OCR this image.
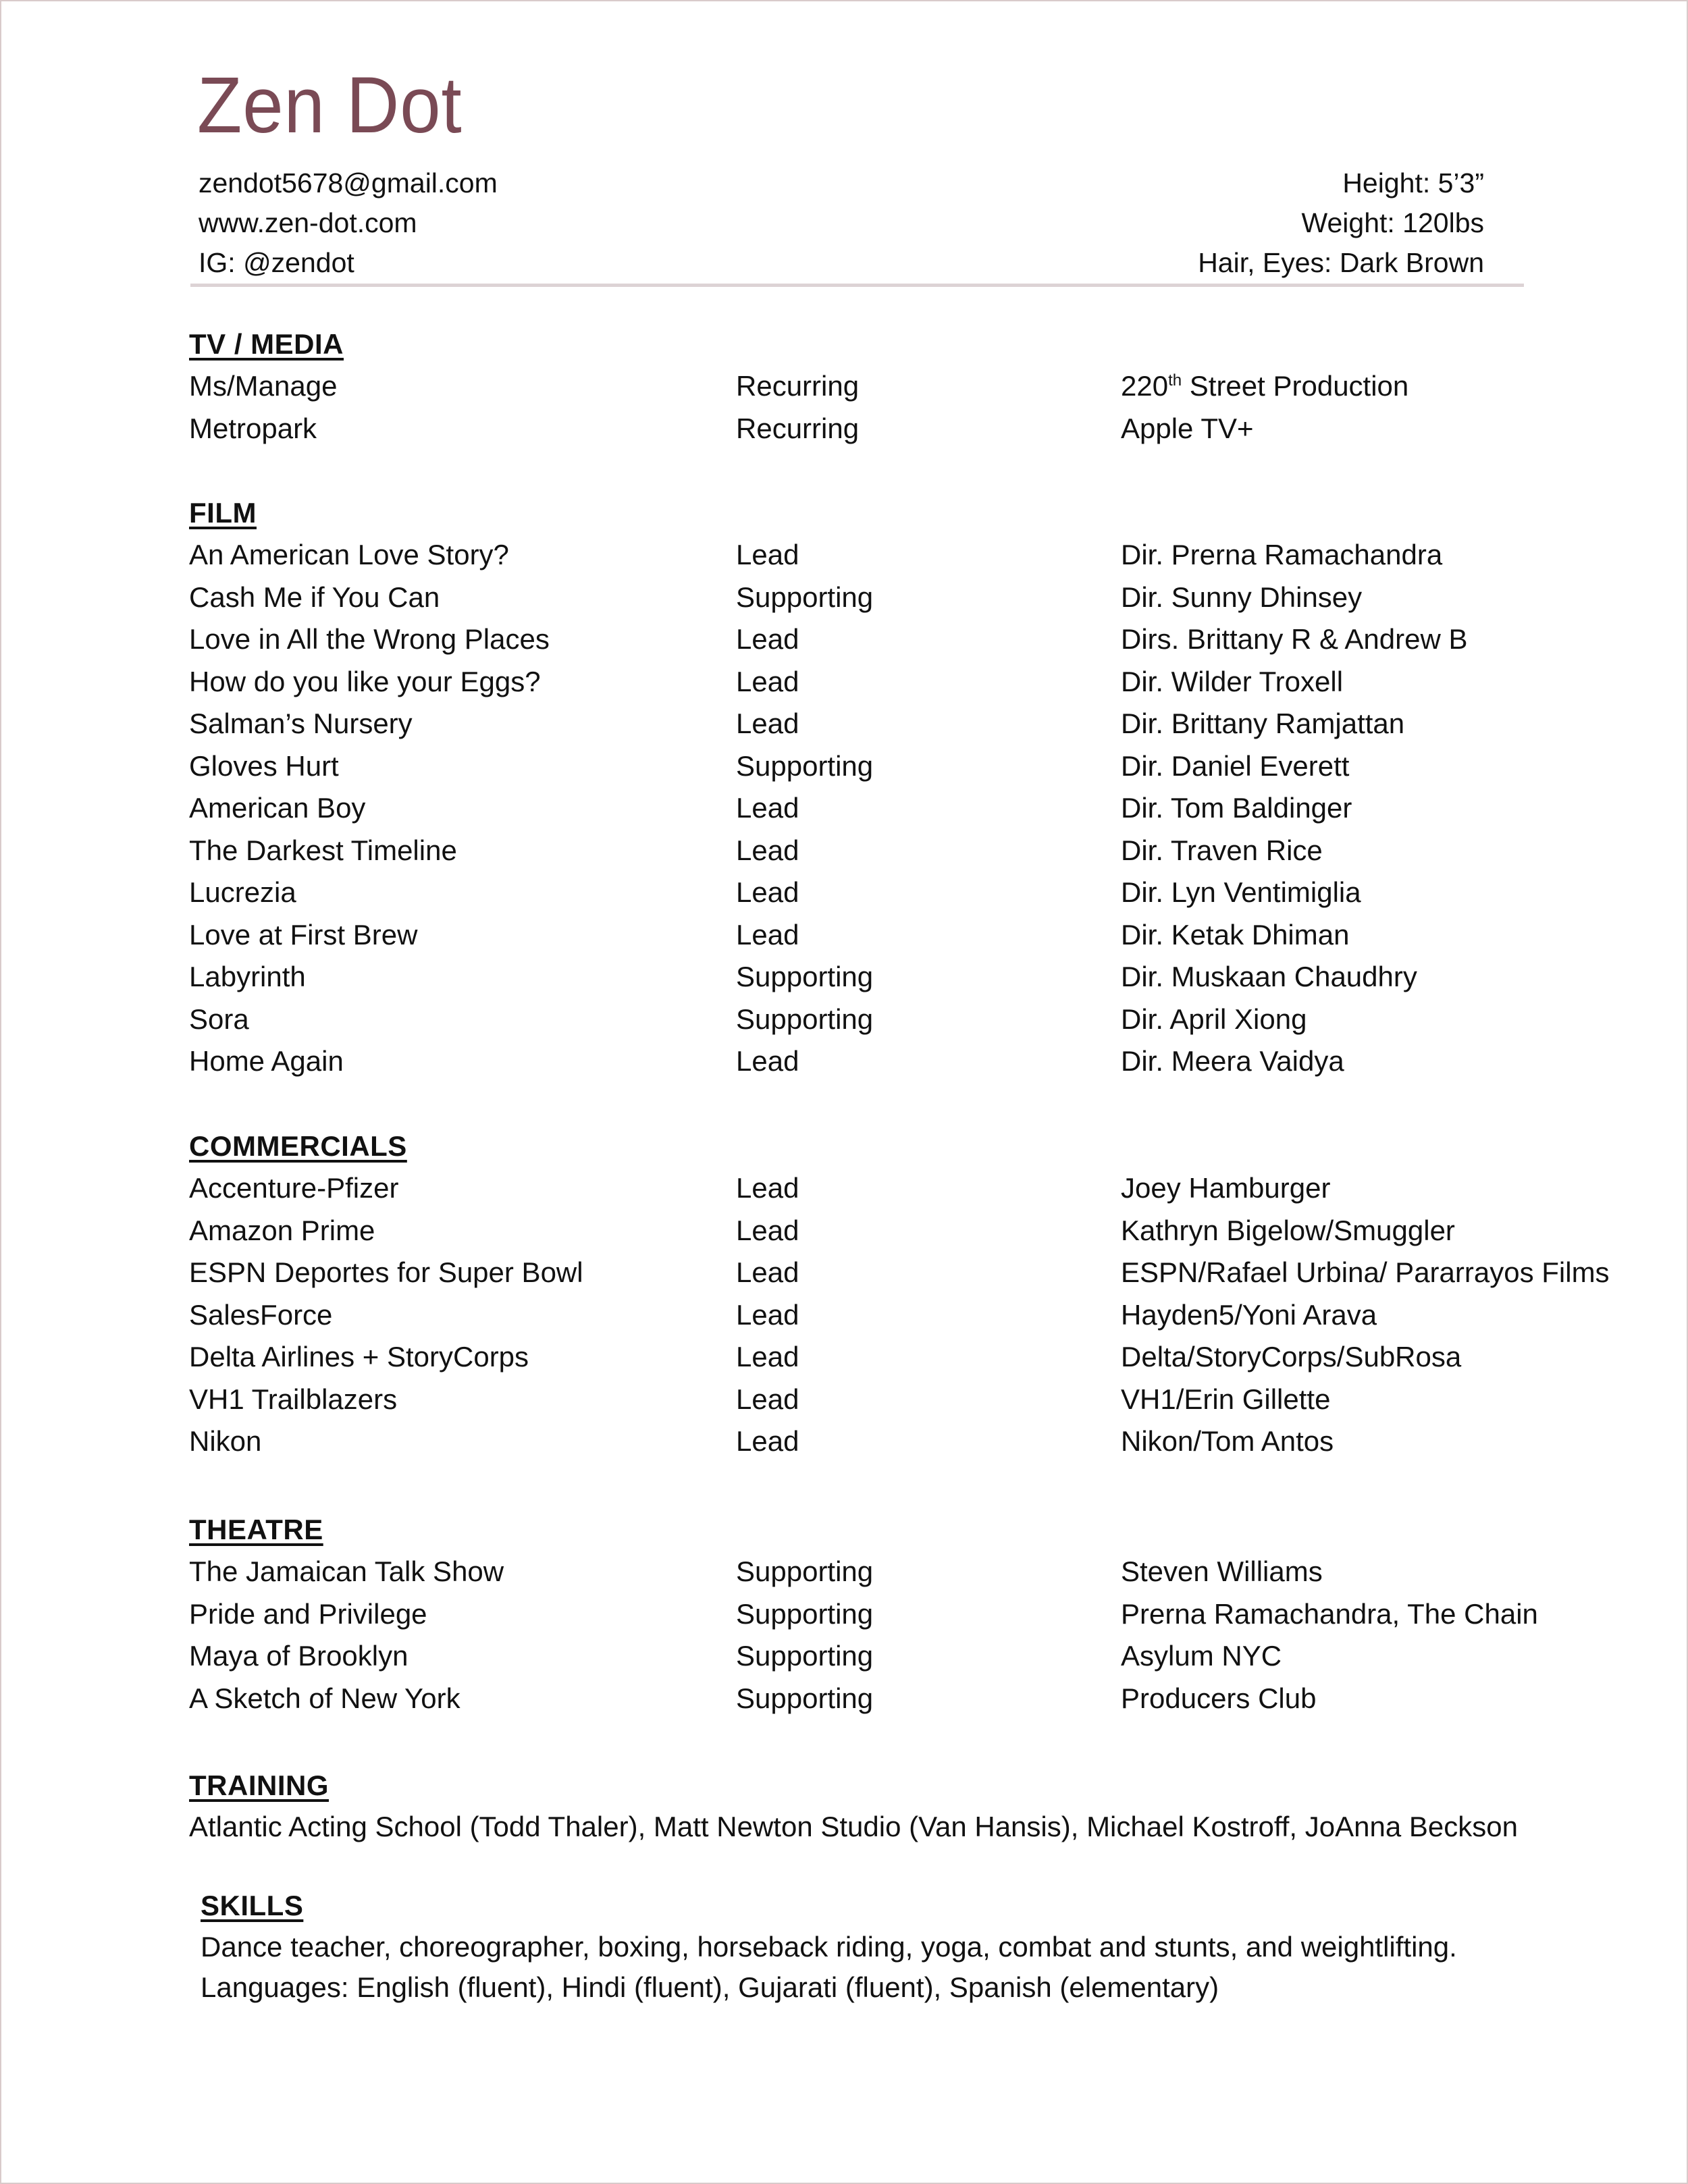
Zen Dot
zendot5678@gmail.com
www.zen-dot.com
IG: @zendot
Height: 5’3”
Weight: 120lbs
Hair, Eyes: Dark Brown
TV / MEDIA
Ms/Manage	Recurring	220th Street Production
Metropark	Recurring	Apple TV+
FILM
An American Love Story?	Lead	Dir. Prerna Ramachandra
Cash Me if You Can	Supporting	Dir. Sunny Dhinsey
Love in All the Wrong Places	Lead	Dirs. Brittany R & Andrew B
How do you like your Eggs?	Lead	Dir. Wilder Troxell
Salman’s Nursery	Lead	Dir. Brittany Ramjattan
Gloves Hurt	Supporting	Dir. Daniel Everett
American Boy	Lead	Dir. Tom Baldinger
The Darkest Timeline	Lead	Dir. Traven Rice
Lucrezia	Lead	Dir. Lyn Ventimiglia
Love at First Brew	Lead	Dir. Ketak Dhiman
Labyrinth	Supporting	Dir. Muskaan Chaudhry
Sora	Supporting	Dir. April Xiong
Home Again	Lead	Dir. Meera Vaidya
COMMERCIALS
Accenture-Pfizer	Lead	Joey Hamburger
Amazon Prime	Lead	Kathryn Bigelow/Smuggler
ESPN Deportes for Super Bowl	Lead	ESPN/Rafael Urbina/ Pararrayos Films
SalesForce	Lead	Hayden5/Yoni Arava
Delta Airlines + StoryCorps	Lead	Delta/StoryCorps/SubRosa
VH1 Trailblazers	Lead	VH1/Erin Gillette
Nikon	Lead	Nikon/Tom Antos
THEATRE
The Jamaican Talk Show	Supporting	Steven Williams
Pride and Privilege	Supporting	Prerna Ramachandra, The Chain
Maya of Brooklyn	Supporting	Asylum NYC
A Sketch of New York	Supporting	Producers Club
TRAINING
Atlantic Acting School (Todd Thaler), Matt Newton Studio (Van Hansis), Michael Kostroff, JoAnna Beckson
SKILLS
Dance teacher, choreographer, boxing, horseback riding, yoga, combat and stunts, and weightlifting.
Languages: English (fluent), Hindi (fluent), Gujarati (fluent), Spanish (elementary)
